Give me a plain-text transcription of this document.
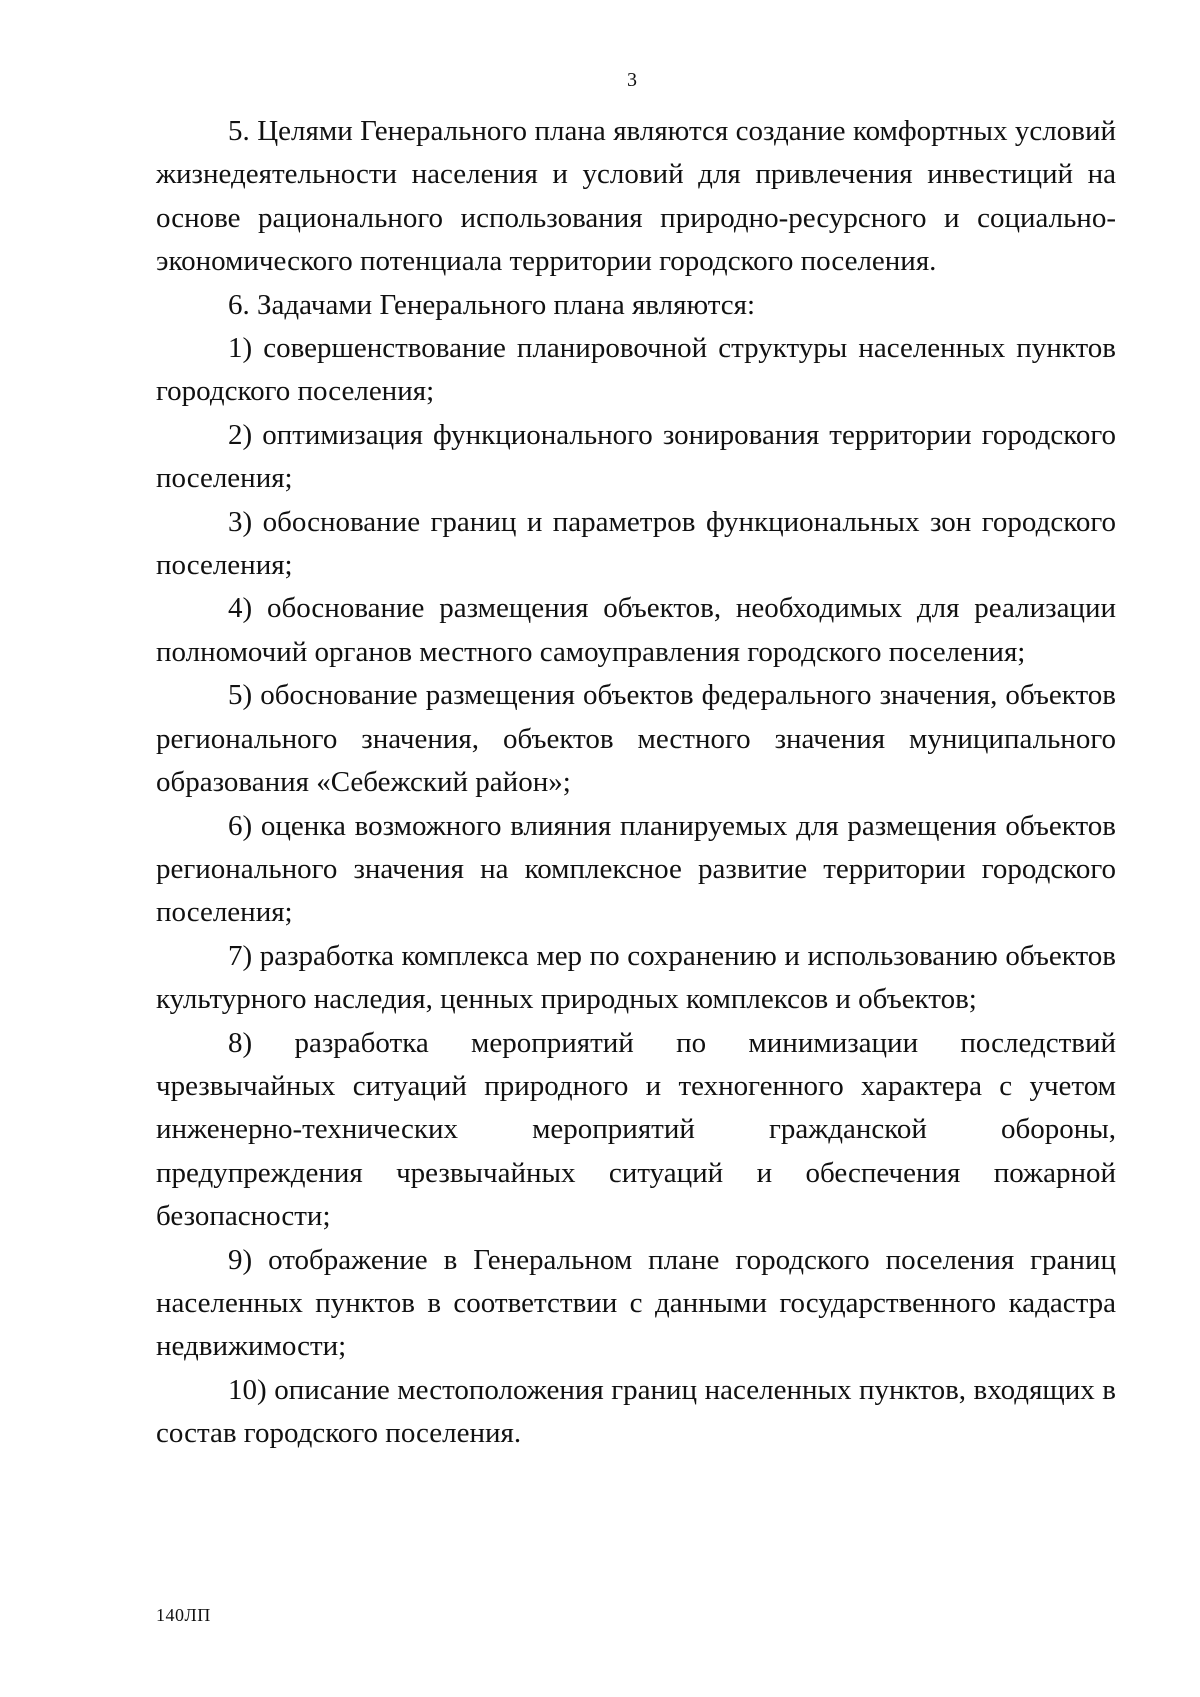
3

5. Целями Генерального плана являются создание комфортных условий жизнедеятельности населения и условий для привлечения инвестиций на основе рационального использования природно-ресурсного и социально-экономического потенциала территории городского поселения.

6. Задачами Генерального плана являются:

1) совершенствование планировочной структуры населенных пунктов городского поселения;

2) оптимизация функционального зонирования территории городского поселения;

3) обоснование границ и параметров функциональных зон городского поселения;

4) обоснование размещения объектов, необходимых для реализации полномочий органов местного самоуправления городского поселения;

5) обоснование размещения объектов федерального значения, объектов регионального значения, объектов местного значения муниципального образования «Себежский район»;

6) оценка возможного влияния планируемых для размещения объектов регионального значения на комплексное развитие территории городского поселения;

7) разработка комплекса мер по сохранению и использованию объектов культурного наследия, ценных природных комплексов и объектов;

8) разработка мероприятий по минимизации последствий чрезвычайных ситуаций природного и техногенного характера с учетом инженерно-технических мероприятий гражданской обороны, предупреждения чрезвычайных ситуаций и обеспечения пожарной безопасности;

9) отображение в Генеральном плане городского поселения границ населенных пунктов в соответствии с данными государственного кадастра недвижимости;

10) описание местоположения границ населенных пунктов, входящих в состав городского поселения.

140ЛП
